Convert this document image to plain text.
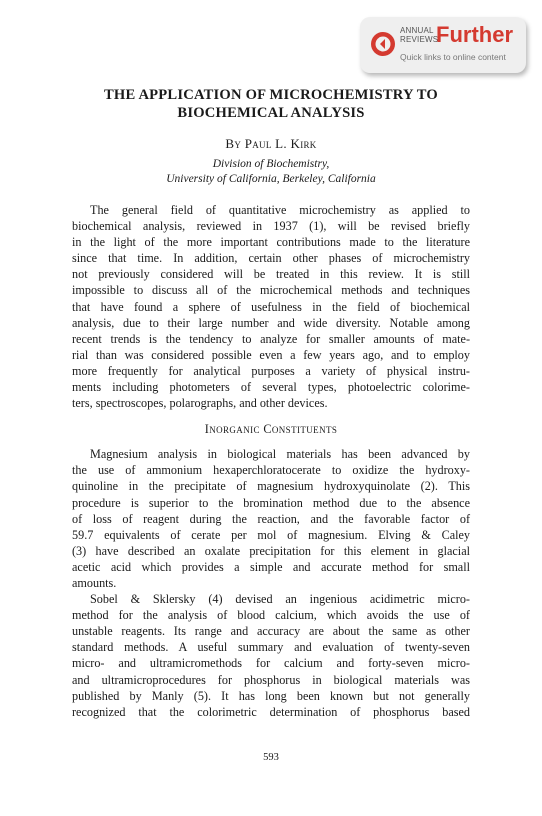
ANNUAL
REVIEWS
Further
Quick links to online content
THE APPLICATION OF MICROCHEMISTRY TO
BIOCHEMICAL ANALYSIS
By Paul L. Kirk
Division of Biochemistry,
University of California, Berkeley, California
The general field of quantitative microchemistry as applied to
biochemical analysis, reviewed in 1937 (1), will be revised briefly
in the light of the more important contributions made to the literature
since that time. In addition, certain other phases of microchemistry
not previously considered will be treated in this review. It is still
impossible to discuss all of the microchemical methods and techniques
that have found a sphere of usefulness in the field of biochemical
analysis, due to their large number and wide diversity. Notable among
recent trends is the tendency to analyze for smaller amounts of mate-
rial than was considered possible even a few years ago, and to employ
more frequently for analytical purposes a variety of physical instru-
ments including photometers of several types, photoelectric colorime-
ters, spectroscopes, polarographs, and other devices.
Inorganic Constituents
Magnesium analysis in biological materials has been advanced by
the use of ammonium hexaperchloratocerate to oxidize the hydroxy-
quinoline in the precipitate of magnesium hydroxyquinolate (2). This
procedure is superior to the bromination method due to the absence
of loss of reagent during the reaction, and the favorable factor of
59.7 equivalents of cerate per mol of magnesium. Elving & Caley
(3) have described an oxalate precipitation for this element in glacial
acetic acid which provides a simple and accurate method for small
amounts.
Sobel & Sklersky (4) devised an ingenious acidimetric micro-
method for the analysis of blood calcium, which avoids the use of
unstable reagents. Its range and accuracy are about the same as other
standard methods. A useful summary and evaluation of twenty-seven
micro- and ultramicromethods for calcium and forty-seven micro-
and ultramicroprocedures for phosphorus in biological materials was
published by Manly (5). It has long been known but not generally
recognized that the colorimetric determination of phosphorus based
593
